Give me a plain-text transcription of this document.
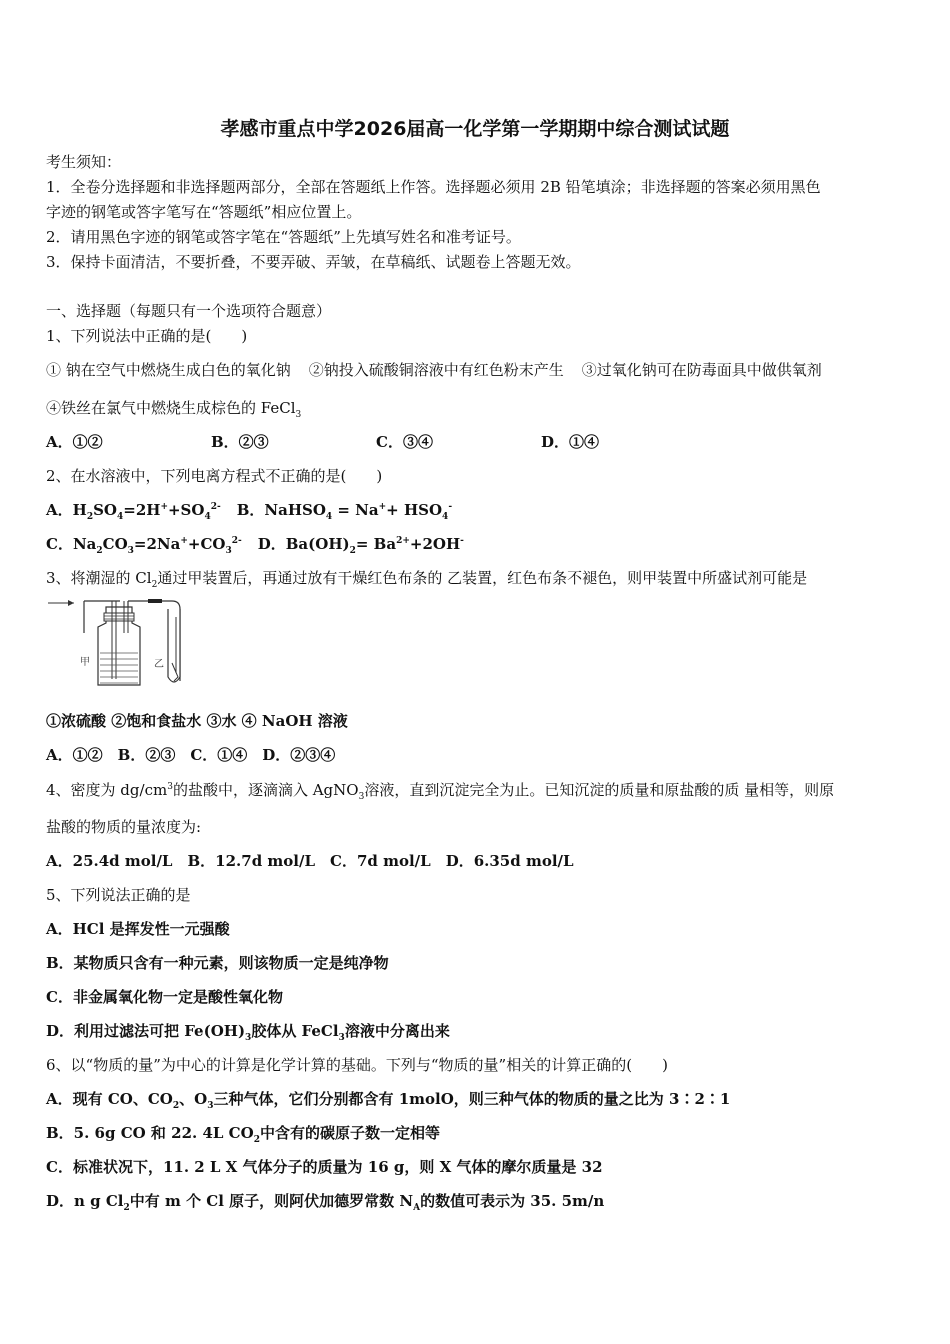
孝感市重点中学2026届高一化学第一学期期中综合测试试题
考生须知：
1．全卷分选择题和非选择题两部分，全部在答题纸上作答。选择题必须用 2B 铅笔填涂；非选择题的答案必须用黑色
字迹的钢笔或答字笔写在“答题纸”相应位置上。
2．请用黑色字迹的钢笔或答字笔在“答题纸”上先填写姓名和准考证号。
3．保持卡面清洁，不要折叠，不要弄破、弄皱，在草稿纸、试题卷上答题无效。
一、选择题（每题只有一个选项符合题意）
1、下列说法中正确的是(　　)
① 钠在空气中燃烧生成白色的氧化钠 ②钠投入硫酸铜溶液中有红色粉末产生 ③过氧化钠可在防毒面具中做供氧剂
④铁丝在氯气中燃烧生成棕色的 FeCl$_3$
A．①②	B．②③	C．③④	D．①④
2、在水溶液中，下列电离方程式不正确的是(　　)
A．$H_2SO_4=2H^++SO_4^{2-}$ B．NaHSO$_4$ = $Na^++ HSO_4^-$
C．$Na_2CO_3=2Na^++CO_3^{2-}$ D．$Ba(OH)_2= Ba^{2+}+2OH^-$
3、将潮湿的 $Cl_2$通过甲装置后，再通过放有干燥红色布条的 乙装置，红色布条不褪色，则甲装置中所盛试剂可能是
甲	乙
①浓硫酸 ②饱和食盐水 ③水 ④ NaOH 溶液
A．①②　B．②③　C．①④　D．②③④
4、密度为 $dg/cm^3$的盐酸中，逐滴滴入 AgNO$_3$溶液，直到沉淀完全为止。已知沉淀的质量和原盐酸的质 量相等，则原
盐酸的物质的量浓度为:
A．25.4d mol/L　B．12.7d mol/L　C．7d mol/L　D．6.35d mol/L
5、下列说法正确的是
A．HCl 是挥发性一元强酸
B．某物质只含有一种元素，则该物质一定是纯净物
C．非金属氧化物一定是酸性氧化物
D．利用过滤法可把 $Fe(OH)_3$胶体从 FeCl$_3$溶液中分离出来
6、以“物质的量”为中心的计算是化学计算的基础。下列与“物质的量”相关的计算正确的(　　)
A．现有 CO、$CO_2$、$O_3$三种气体，它们分别都含有 1molO，则三种气体的物质的量之比为 3∶2∶1
B．5. 6g CO 和 22. 4L $CO_2$中含有的碳原子数一定相等
C．标准状况下，11. 2 L X 气体分子的质量为 16 g，则 X 气体的摩尔质量是 32
D．n g $Cl_2$中有 m 个 Cl 原子，则阿伏加德罗常数 $N_A$的数值可表示为 35. 5m/n
